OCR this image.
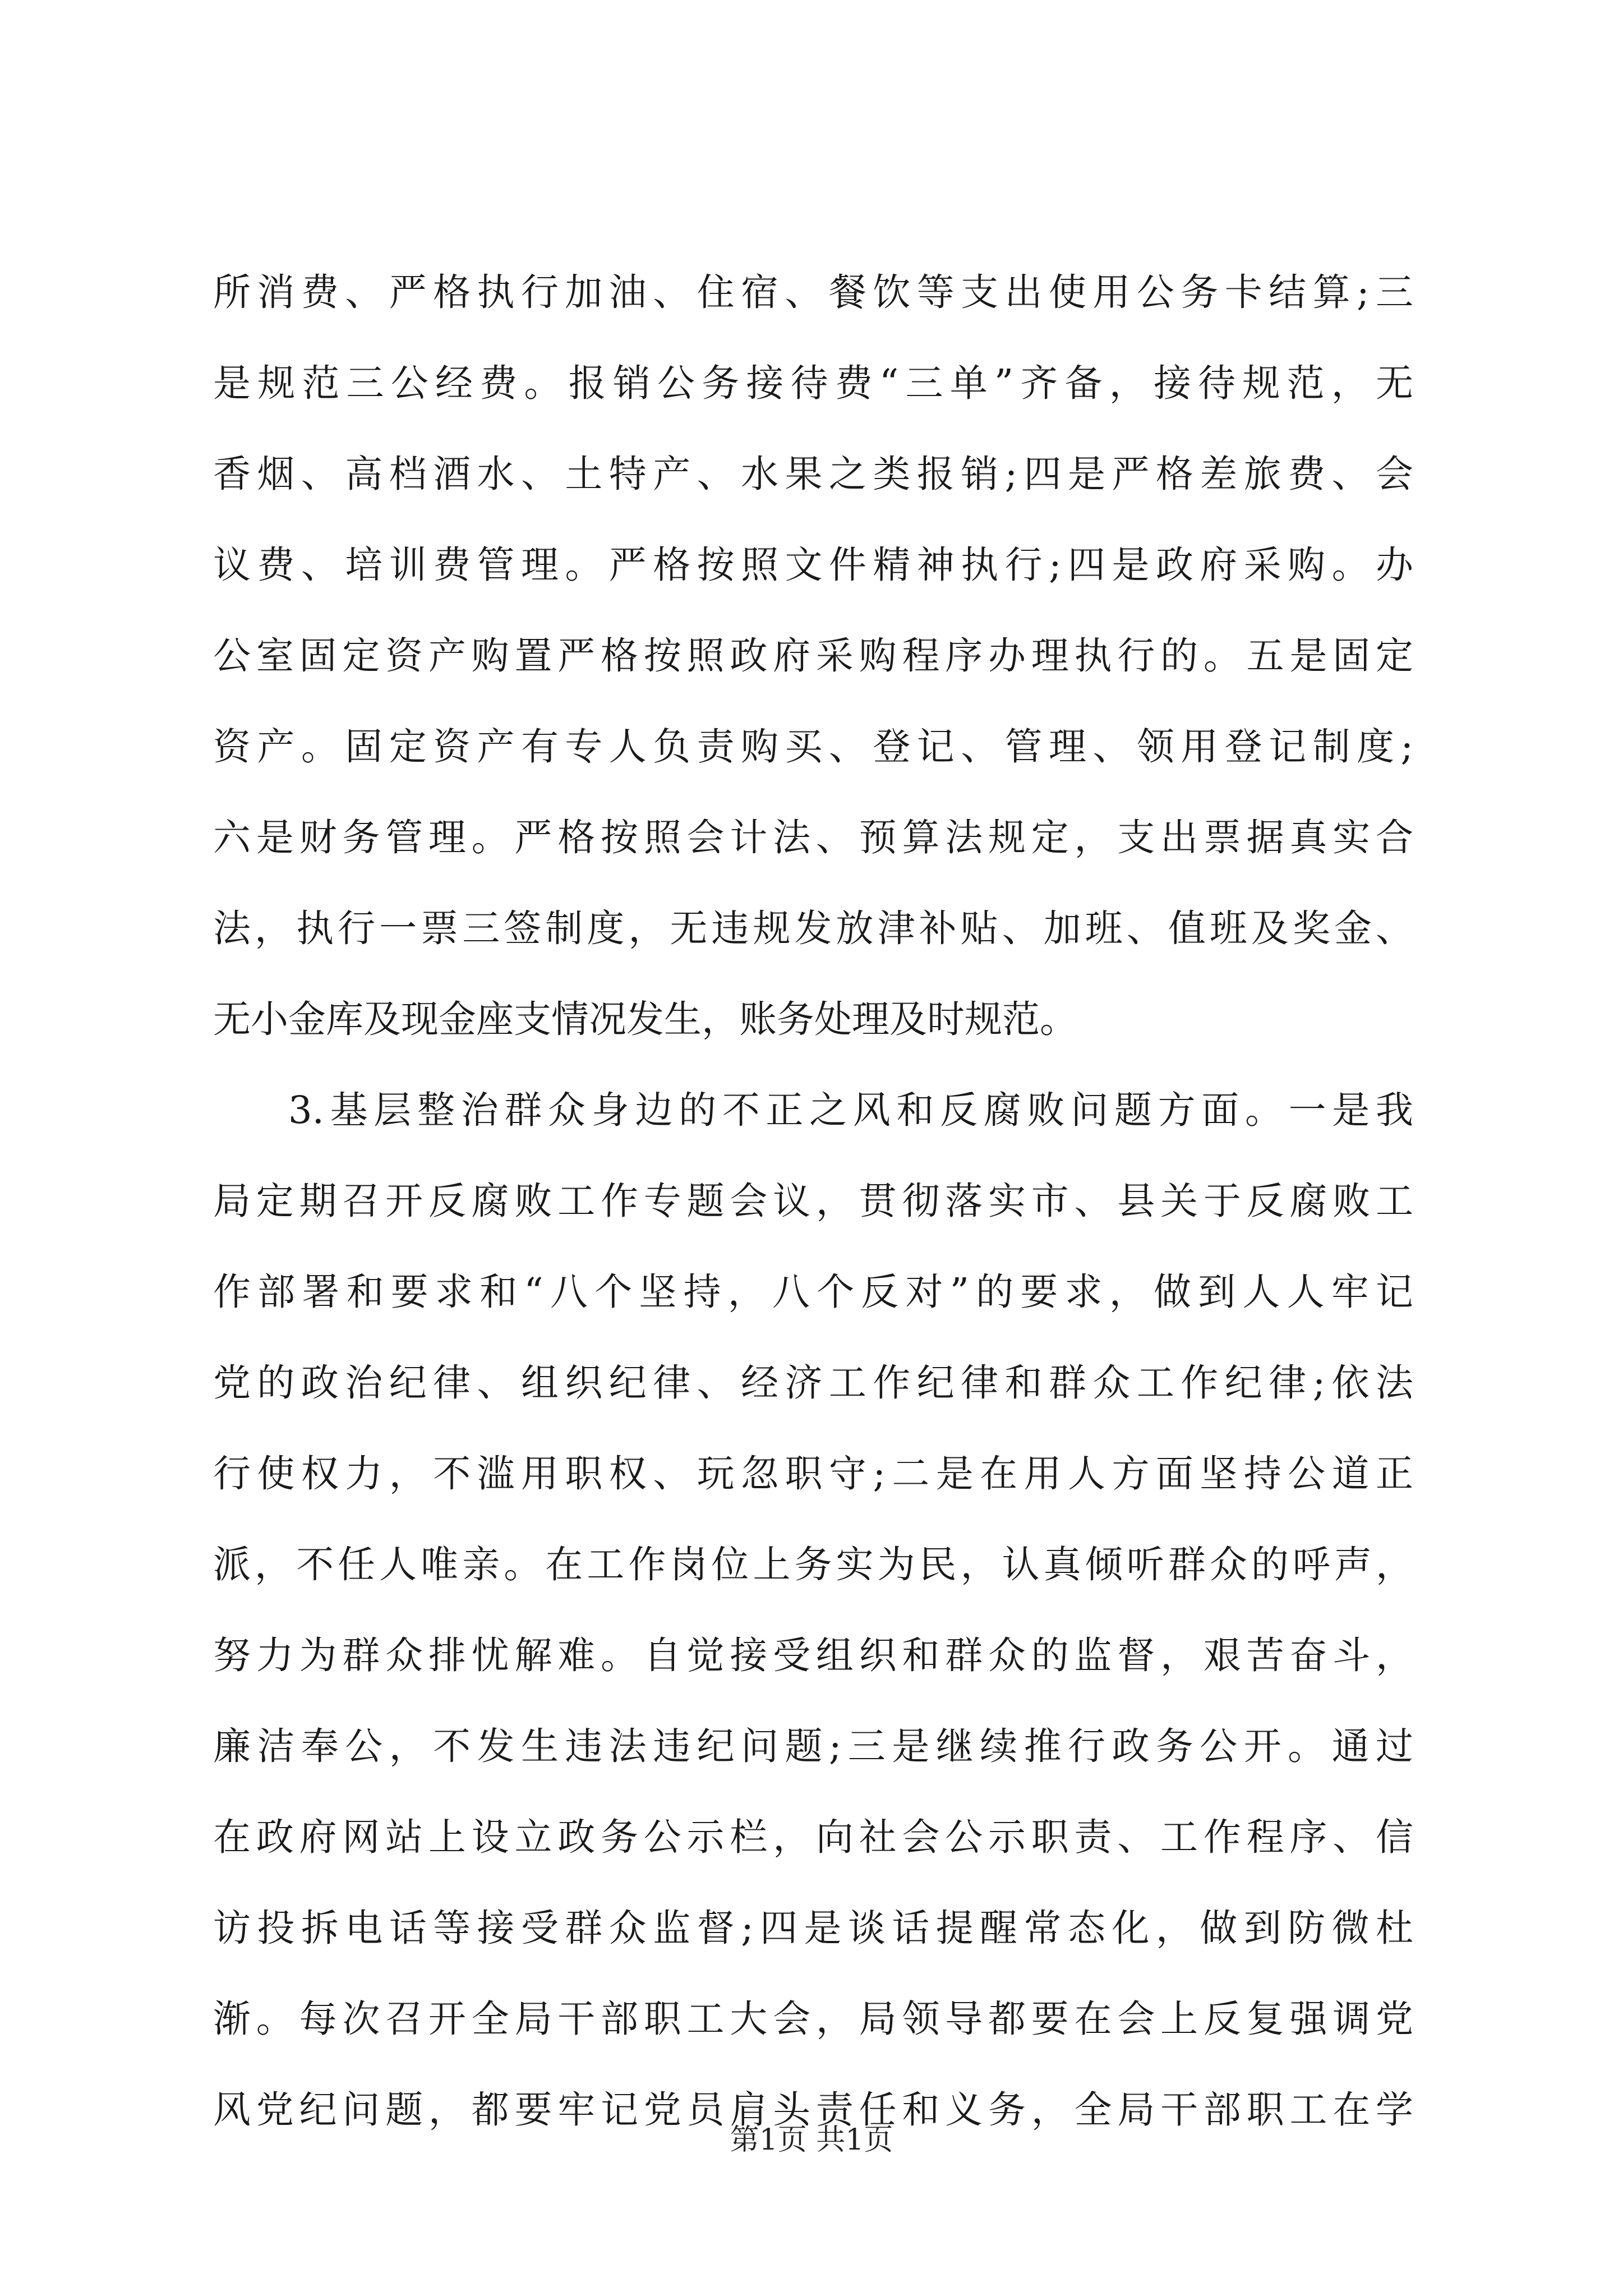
所消费、严格执行加油、住宿、餐饮等支出使用公务卡结算;三
是规范三公经费。报销公务接待费“三单”齐备，接待规范，无
香烟、高档酒水、土特产、水果之类报销;四是严格差旅费、会
议费、培训费管理。严格按照文件精神执行;四是政府采购。办
公室固定资产购置严格按照政府采购程序办理执行的。五是固定
资产。固定资产有专人负责购买、登记、管理、领用登记制度;
六是财务管理。严格按照会计法、预算法规定，支出票据真实合
法，执行一票三签制度，无违规发放津补贴、加班、值班及奖金、
无小金库及现金座支情况发生，账务处理及时规范。
3.基层整治群众身边的不正之风和反腐败问题方面。一是我
局定期召开反腐败工作专题会议，贯彻落实市、县关于反腐败工
作部署和要求和“八个坚持，八个反对”的要求，做到人人牢记
党的政治纪律、组织纪律、经济工作纪律和群众工作纪律;依法
行使权力，不滥用职权、玩忽职守;二是在用人方面坚持公道正
派，不任人唯亲。在工作岗位上务实为民，认真倾听群众的呼声，
努力为群众排忧解难。自觉接受组织和群众的监督，艰苦奋斗，
廉洁奉公，不发生违法违纪问题;三是继续推行政务公开。通过
在政府网站上设立政务公示栏，向社会公示职责、工作程序、信
访投拆电话等接受群众监督;四是谈话提醒常态化，做到防微杜
渐。每次召开全局干部职工大会，局领导都要在会上反复强调党
风党纪问题，都要牢记党员肩头责任和义务，全局干部职工在学
第1页 共1页
